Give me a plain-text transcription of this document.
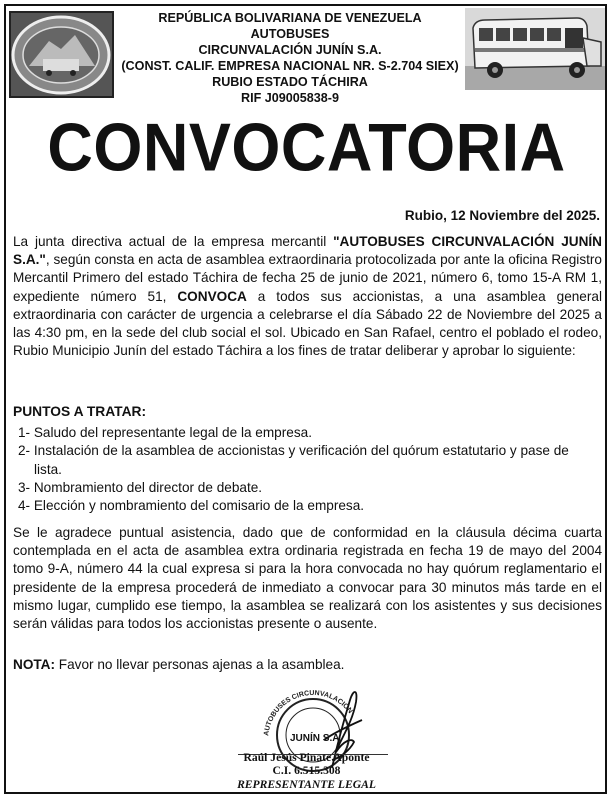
REPÚBLICA BOLIVARIANA DE VENEZUELA
AUTOBUSES
CIRCUNVALACIÓN JUNÍN S.A.
(CONST. CALIF. EMPRESA NACIONAL NR. S-2.704 SIEX)
RUBIO ESTADO TÁCHIRA
RIF J09005838-9
CONVOCATORIA
Rubio, 12 Noviembre del 2025.
La junta directiva actual de la empresa mercantil "AUTOBUSES CIRCUNVALACIÓN JUNÍN S.A.", según consta en acta de asamblea extraordinaria protocolizada por ante la oficina Registro Mercantil Primero del estado Táchira de fecha 25 de junio de 2021, número 6, tomo 15-A RM 1, expediente número 51, CONVOCA a todos sus accionistas, a una asamblea general extraordinaria con carácter de urgencia a celebrarse el día Sábado 22 de Noviembre del 2025 a las 4:30 pm, en la sede del club social el sol. Ubicado en San Rafael, centro el poblado el rodeo, Rubio Municipio Junín del estado Táchira a los fines de tratar deliberar y aprobar lo siguiente:
PUNTOS A TRATAR:
1- Saludo del representante legal de la empresa.
2- Instalación de la asamblea de accionistas y verificación del quórum estatutario y pase de lista.
3- Nombramiento del director de debate.
4- Elección y nombramiento del comisario de la empresa.
Se le agradece puntual asistencia, dado que de conformidad en la cláusula décima cuarta contemplada en el acta de asamblea extra ordinaria registrada en fecha 19 de mayo del 2004 tomo 9-A, número 44 la cual expresa si para la hora convocada no hay quórum reglamentario el presidente de la empresa procederá de inmediato a convocar para 30 minutos más tarde en el mismo lugar, cumplido ese tiempo, la asamblea se realizará con los asistentes y sus decisiones serán válidas para todos los accionistas presente o ausente.
NOTA: Favor no llevar personas ajenas a la asamblea.
AUTOBUSES CIRCUNVALACIÓN
JUNÍN S.A.
Raúl Jesús Pinate Aponte
C.I. 6.515.308
REPRESENTANTE LEGAL
